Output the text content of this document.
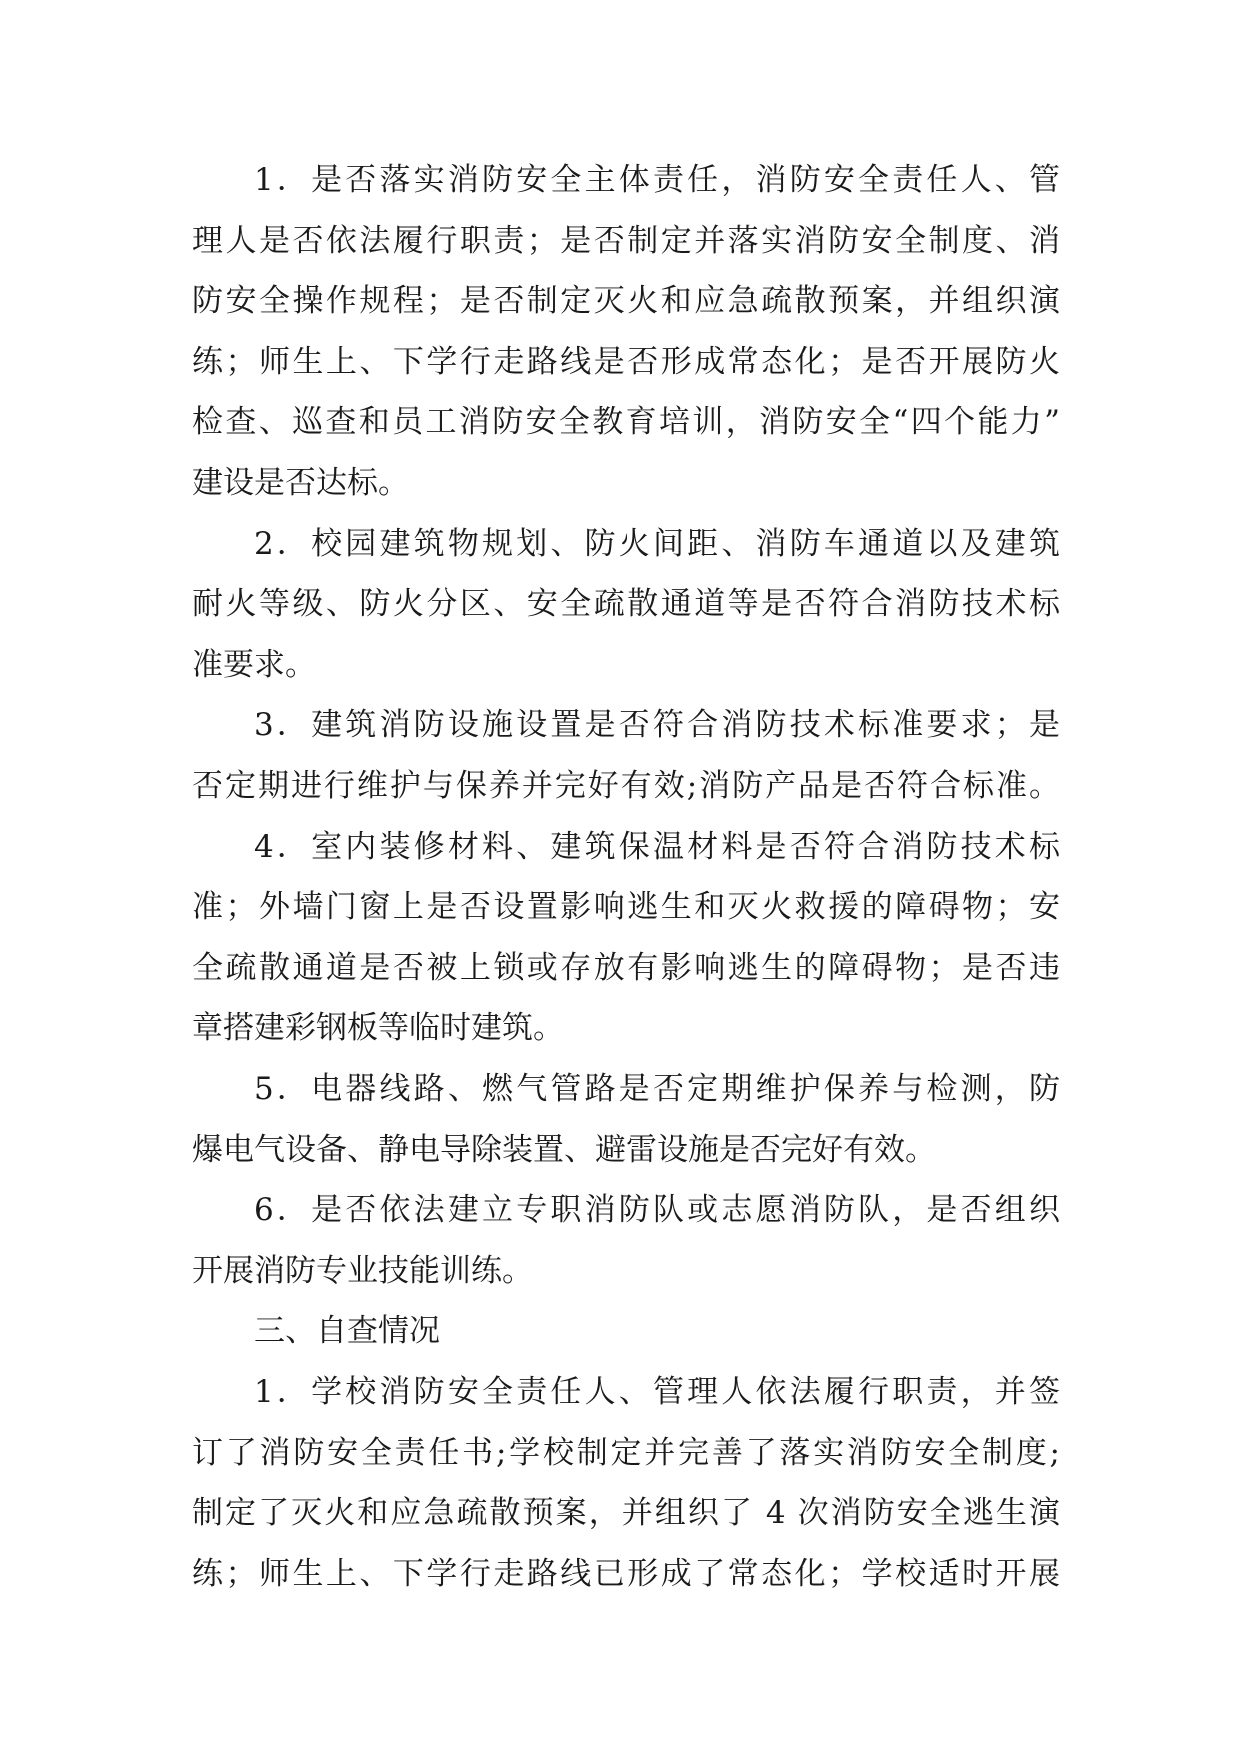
1．是否落实消防安全主体责任，消防安全责任人、管
理人是否依法履行职责；是否制定并落实消防安全制度、消
防安全操作规程；是否制定灭火和应急疏散预案，并组织演
练；师生上、下学行走路线是否形成常态化；是否开展防火
检查、巡查和员工消防安全教育培训，消防安全“四个能力”
建设是否达标。
2．校园建筑物规划、防火间距、消防车通道以及建筑
耐火等级、防火分区、安全疏散通道等是否符合消防技术标
准要求。
3．建筑消防设施设置是否符合消防技术标准要求；是
否定期进行维护与保养并完好有效;消防产品是否符合标准。
4．室内装修材料、建筑保温材料是否符合消防技术标
准；外墙门窗上是否设置影响逃生和灭火救援的障碍物；安
全疏散通道是否被上锁或存放有影响逃生的障碍物；是否违
章搭建彩钢板等临时建筑。
5．电器线路、燃气管路是否定期维护保养与检测，防
爆电气设备、静电导除装置、避雷设施是否完好有效。
6．是否依法建立专职消防队或志愿消防队，是否组织
开展消防专业技能训练。
三、自查情况
1．学校消防安全责任人、管理人依法履行职责，并签
订了消防安全责任书;学校制定并完善了落实消防安全制度;
制定了灭火和应急疏散预案，并组织了 4 次消防安全逃生演
练；师生上、下学行走路线已形成了常态化；学校适时开展
